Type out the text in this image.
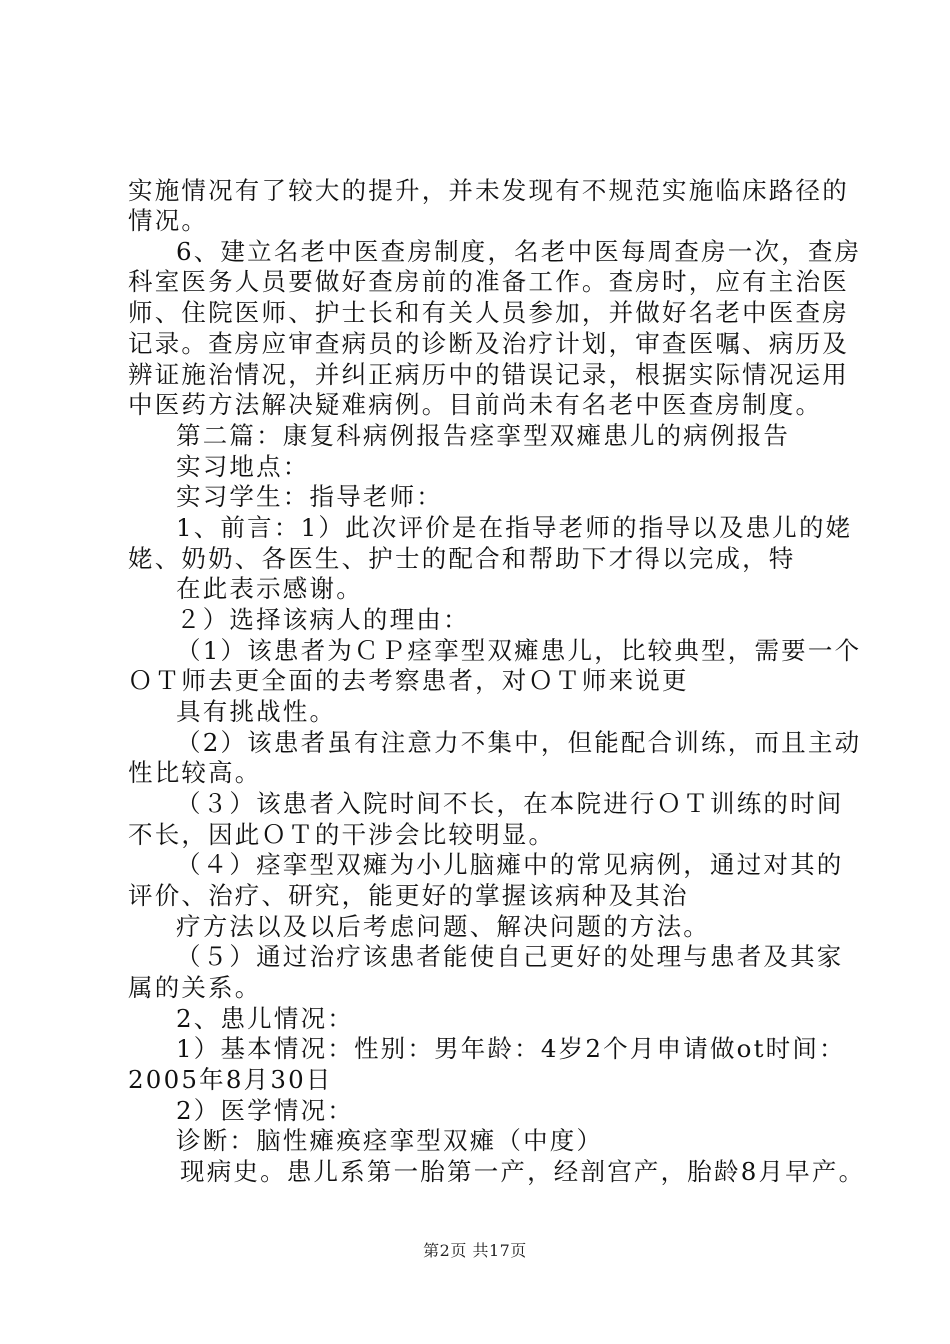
实施情况有了较大的提升，并未发现有不规范实施临床路径的
情况。
6、建立名老中医查房制度，名老中医每周查房一次，查房
科室医务人员要做好查房前的准备工作。查房时，应有主治医
师、住院医师、护士长和有关人员参加，并做好名老中医查房
记录。查房应审查病员的诊断及治疗计划，审查医嘱、病历及
辨证施治情况，并纠正病历中的错误记录，根据实际情况运用
中医药方法解决疑难病例。目前尚未有名老中医查房制度。
第二篇：康复科病例报告痉挛型双瘫患儿的病例报告
实习地点：
实习学生：指导老师：
1、前言：1）此次评价是在指导老师的指导以及患儿的姥
姥、奶奶、各医生、护士的配合和帮助下才得以完成，特
在此表示感谢。
２）选择该病人的理由：
（1）该患者为ＣＰ痉挛型双瘫患儿，比较典型，需要一个
ＯＴ师去更全面的去考察患者，对ＯＴ师来说更
具有挑战性。
（2）该患者虽有注意力不集中，但能配合训练，而且主动
性比较高。
（３）该患者入院时间不长，在本院进行ＯＴ训练的时间
不长，因此ＯＴ的干涉会比较明显。
（４）痉挛型双瘫为小儿脑瘫中的常见病例，通过对其的
评价、治疗、研究，能更好的掌握该病种及其治
疗方法以及以后考虑问题、解决问题的方法。
（５）通过治疗该患者能使自己更好的处理与患者及其家
属的关系。
2、患儿情况：
1）基本情况：性别：男年龄：4岁2个月申请做ot时间：
2005年8月30日
2）医学情况：
诊断：脑性瘫痪痉挛型双瘫（中度）
现病史。患儿系第一胎第一产，经剖宫产，胎龄8月早产。
第2页 共17页
